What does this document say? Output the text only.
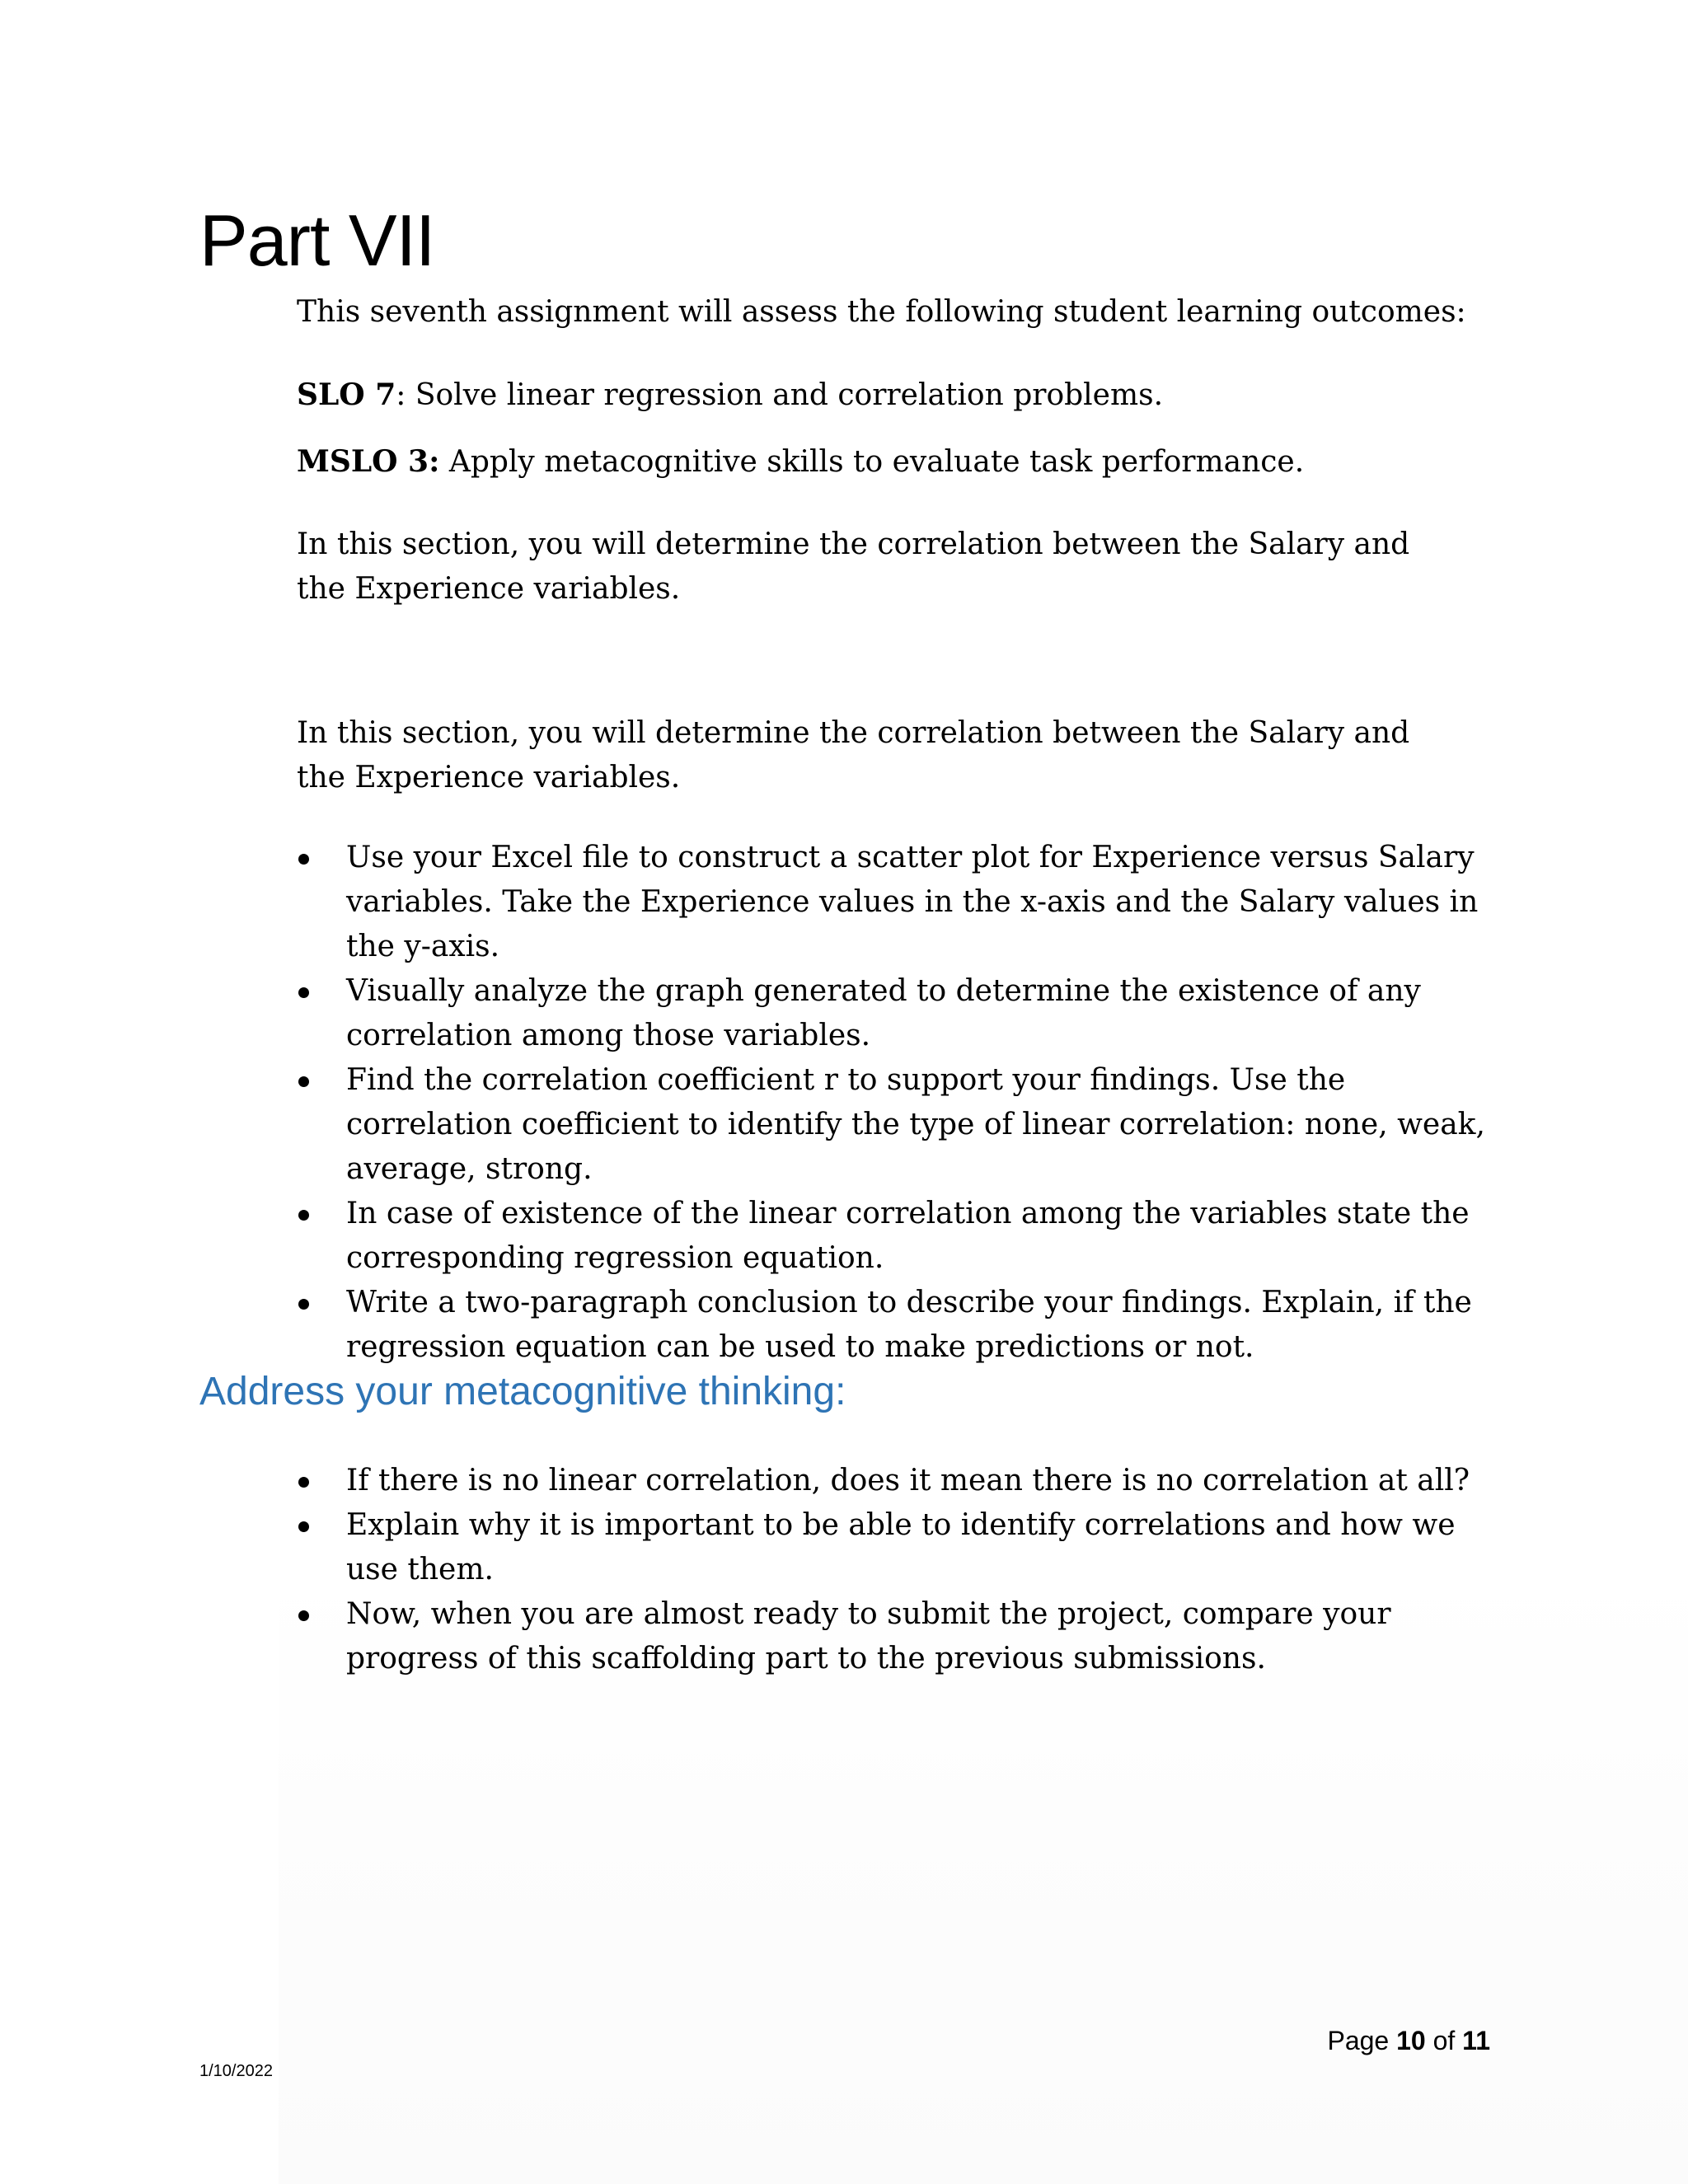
Part VII

This seventh assignment will assess the following student learning outcomes:

SLO 7: Solve linear regression and correlation problems.

MSLO 3: Apply metacognitive skills to evaluate task performance.

In this section, you will determine the correlation between the Salary and the Experience variables.

In this section, you will determine the correlation between the Salary and the Experience variables.

Use your Excel file to construct a scatter plot for Experience versus Salary variables. Take the Experience values in the x-axis and the Salary values in the y-axis.
Visually analyze the graph generated to determine the existence of any correlation among those variables.
Find the correlation coefficient r to support your findings. Use the correlation coefficient to identify the type of linear correlation: none, weak, average, strong.
In case of existence of the linear correlation among the variables state the corresponding regression equation.
Write a two-paragraph conclusion to describe your findings. Explain, if the regression equation can be used to make predictions or not.
Address your metacognitive thinking:
If there is no linear correlation, does it mean there is no correlation at all?
Explain why it is important to be able to identify correlations and how we use them.
Now, when you are almost ready to submit the project, compare your progress of this scaffolding part to the previous submissions.
Page 10 of 11
1/10/2022
